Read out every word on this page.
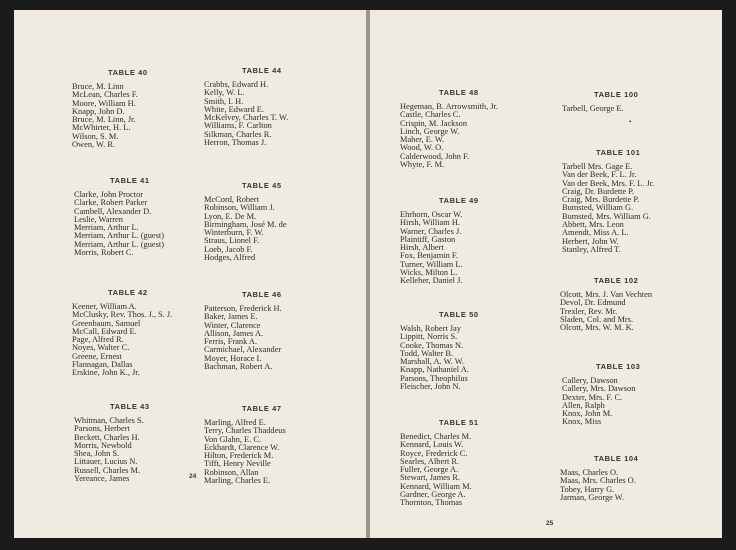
TABLE 40
Bruce, M. Linn
McLean, Charles F.
Moore, William H.
Knapp, John D.
Bruce, M. Linn, Jr.
McWhirter, H. L.
Wilson, S. M.
Owen, W. R.
TABLE 44
Crabbs, Edward H.
Kelly, W. L.
Smith, I. H.
White, Edward E.
McKelvey, Charles T. W.
Williams, F. Carlton
Silkman, Charles R.
Herron, Thomas J.
TABLE 41
Clarke, John Proctor
Clarke, Robert Parker
Cambell, Alexander D.
Leslie, Warren
Merriam, Arthur L.
Merriam, Arthur L. (guest)
Merriam, Arthur L. (guest)
Morris, Robert C.
TABLE 45
McCord, Robert
Robinson, William J.
Lyon, E. De M.
Birmingham, José M. de
Winterburn, F. W.
Straus, Lionel F.
Loeb, Jacob F.
Hodges, Alfred
TABLE 42
Keener, William A.
McClusky, Rev. Thos. J., S. J.
Greenbaum, Samuel
McCall, Edward E.
Page, Alfred R.
Noyes, Walter C.
Greene, Ernest
Flannagan, Dallas
Erskine, John K., Jr.
TABLE 46
Patterson, Frederick H.
Baker, James E.
Winter, Clarence
Allison, James A.
Ferris, Frank A.
Carmichael, Alexander
Moyer, Horace I.
Bachman, Robert A.
TABLE 43
Whitman, Charles S.
Parsons, Herbert
Beckett, Charles H.
Morris, Newbold
Shea, John S.
Littauer, Lucius N.
Russell, Charles M.
Yereance, James
TABLE 47
Marling, Alfred E.
Terry, Charles Thaddeus
Von Glahn, E. C.
Eckhardt, Clarence W.
Hilton, Frederick M.
Tifft, Henry Neville
Robinson, Allan
Marling, Charles E.
24
TABLE 48
Hegeman, B. Arrowsmith, Jr.
Castle, Charles C.
Crispin, M. Jackson
Linch, George W.
Maher, E. W.
Wood, W. O.
Calderwood, John F.
Whyte, F. M.
TABLE 100
Tarbell, George E.
•
TABLE 101
Tarbell Mrs. Gage E.
Van der Beek, F. L. Jr.
Van der Beek, Mrs. F. L. Jr.
Craig, Dr. Burdette P.
Craig, Mrs. Burdette P.
Bumsted, William G.
Bumsted, Mrs. William G.
Abbett, Mrs. Leon
Amendt, Miss A. L.
Herbert, John W.
Stanley, Alfred T.
TABLE 49
Ehrhorn, Oscar W.
Hirsh, William H.
Warner, Charles J.
Plaintiff, Gaston
Hirsh, Albert
Fox, Benjamin F.
Turner, William L.
Wicks, Milton L.
Kelleher, Daniel J.	TABLE 102
Olcott, Mrs. J. Van Vechten
Devol, Dr. Edmund
Trexler, Rev. Mr.
Sladen, Col. and Mrs.
Olcott, Mrs. W. M. K.
TABLE 50
Walsh, Robert Jay
Lippitt, Norris S.
Cooke, Thomas N.
Todd, Walter B.
Marshall, A. W. W.
Knapp, Nathaniel A.
Parsons, Theophilus
Fleischer, John N.
TABLE 103
Callery, Dawson
Callery, Mrs. Dawson
Dexter, Mrs. F. C.
Allen, Ralph
Knox, John M.
Knox, Miss
TABLE 51
Benedict, Charles M.
Kennard, Louis W.
Royce, Frederick C.
Searles, Albert R.
Fuller, George A.
Stewart, James R.
Kennard, William M.
Gardner, George A.
Thornton, Thomas
TABLE 104
Maas, Charles O.
Maas, Mrs. Charles O.
Tobey, Harry G.
Jarman, George W.
25
